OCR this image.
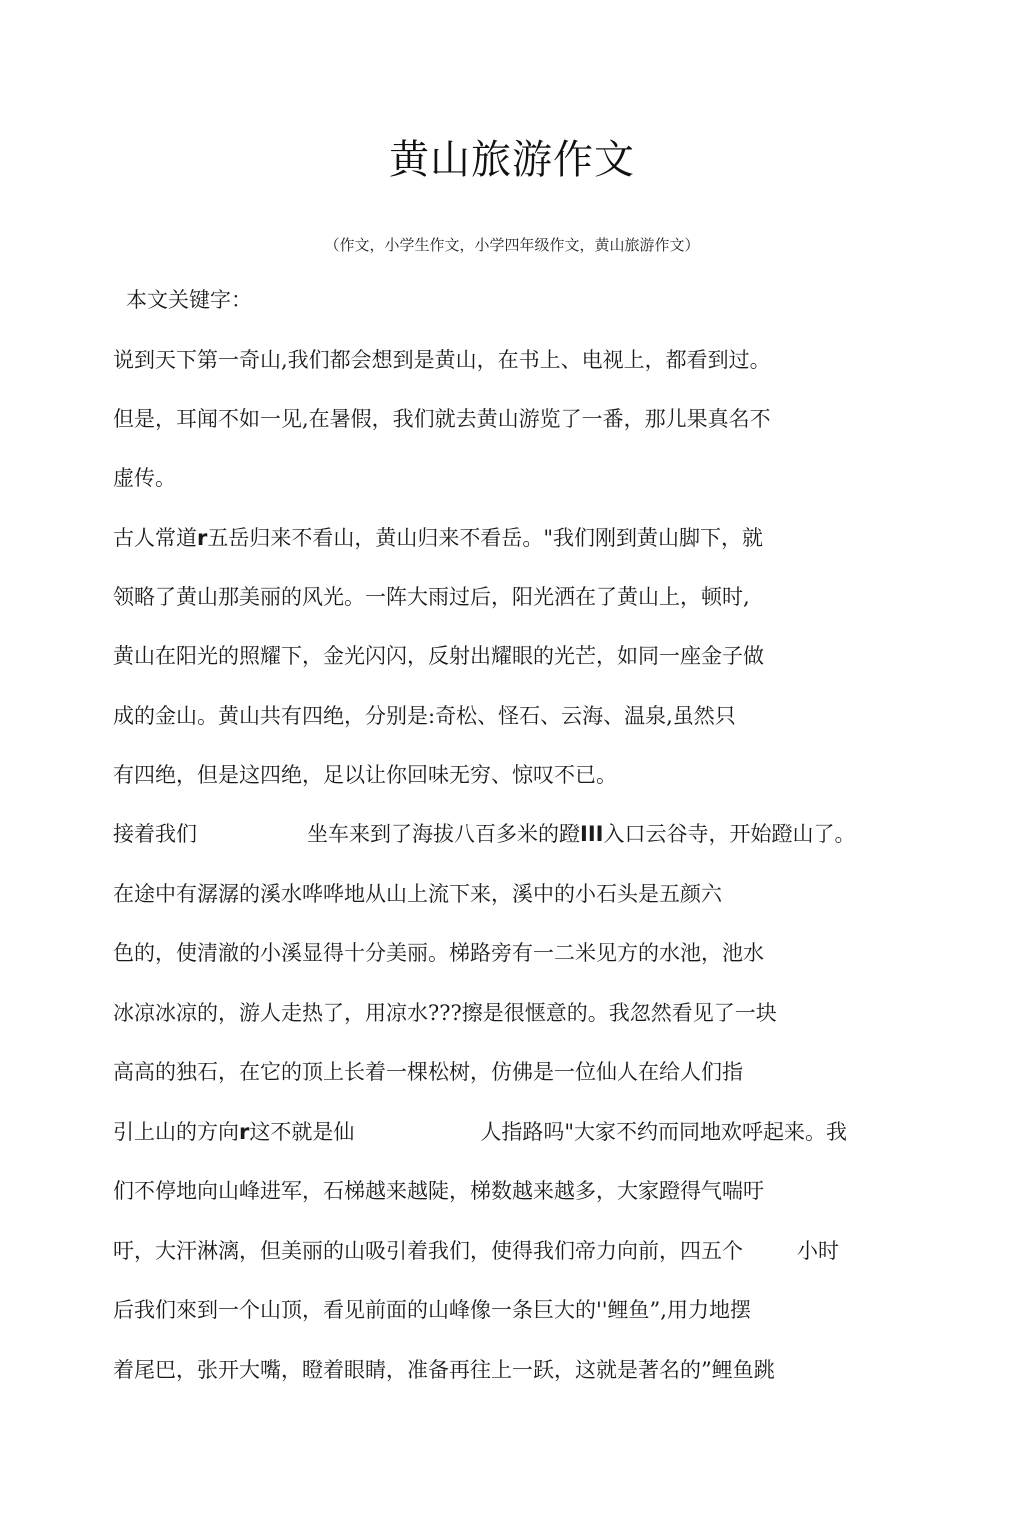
黄山旅游作文
（作文，小学生作文，小学四年级作文，黄山旅游作文）
本文关键字：
说到天下第一奇山,我们都会想到是黄山，在书上、电视上，都看到过。
但是，耳闻不如一见,在暑假，我们就去黄山游览了一番，那儿果真名不
虚传。
古人常道r五岳归来不看山，黄山归来不看岳。"我们刚到黄山脚下，就
领略了黄山那美丽的风光。一阵大雨过后，阳光洒在了黄山上，顿时,
黄山在阳光的照耀下，金光闪闪，反射出耀眼的光芒，如同一座金子做
成的金山。黄山共有四绝，分别是:奇松、怪石、云海、温泉,虽然只
有四绝，但是这四绝，足以让你回味无穷、惊叹不已。
接着我们	坐车来到了海拔八百多米的蹬III入口云谷寺，开始蹬山了。
在途中有潺潺的溪水哗哗地从山上流下来，溪中的小石头是五颜六
色的，使清澈的小溪显得十分美丽。梯路旁有一二米见方的水池，池水
冰凉冰凉的，游人走热了，用凉水???擦是很惬意的。我忽然看见了一块
高高的独石，在它的顶上长着一棵松树，仿佛是一位仙人在给人们指
引上山的方向r这不就是仙	人指路吗"大家不约而同地欢呼起来。我
们不停地向山峰进军，石梯越来越陡，梯数越来越多，大家蹬得气喘吁
吁，大汗淋漓，但美丽的山吸引着我们，使得我们帝力向前，四五个	小时
后我们來到一个山顶，看见前面的山峰像一条巨大的''鲤鱼”,用力地摆
着尾巴，张开大嘴，瞪着眼睛，准备再往上一跃，这就是著名的”鲤鱼跳
